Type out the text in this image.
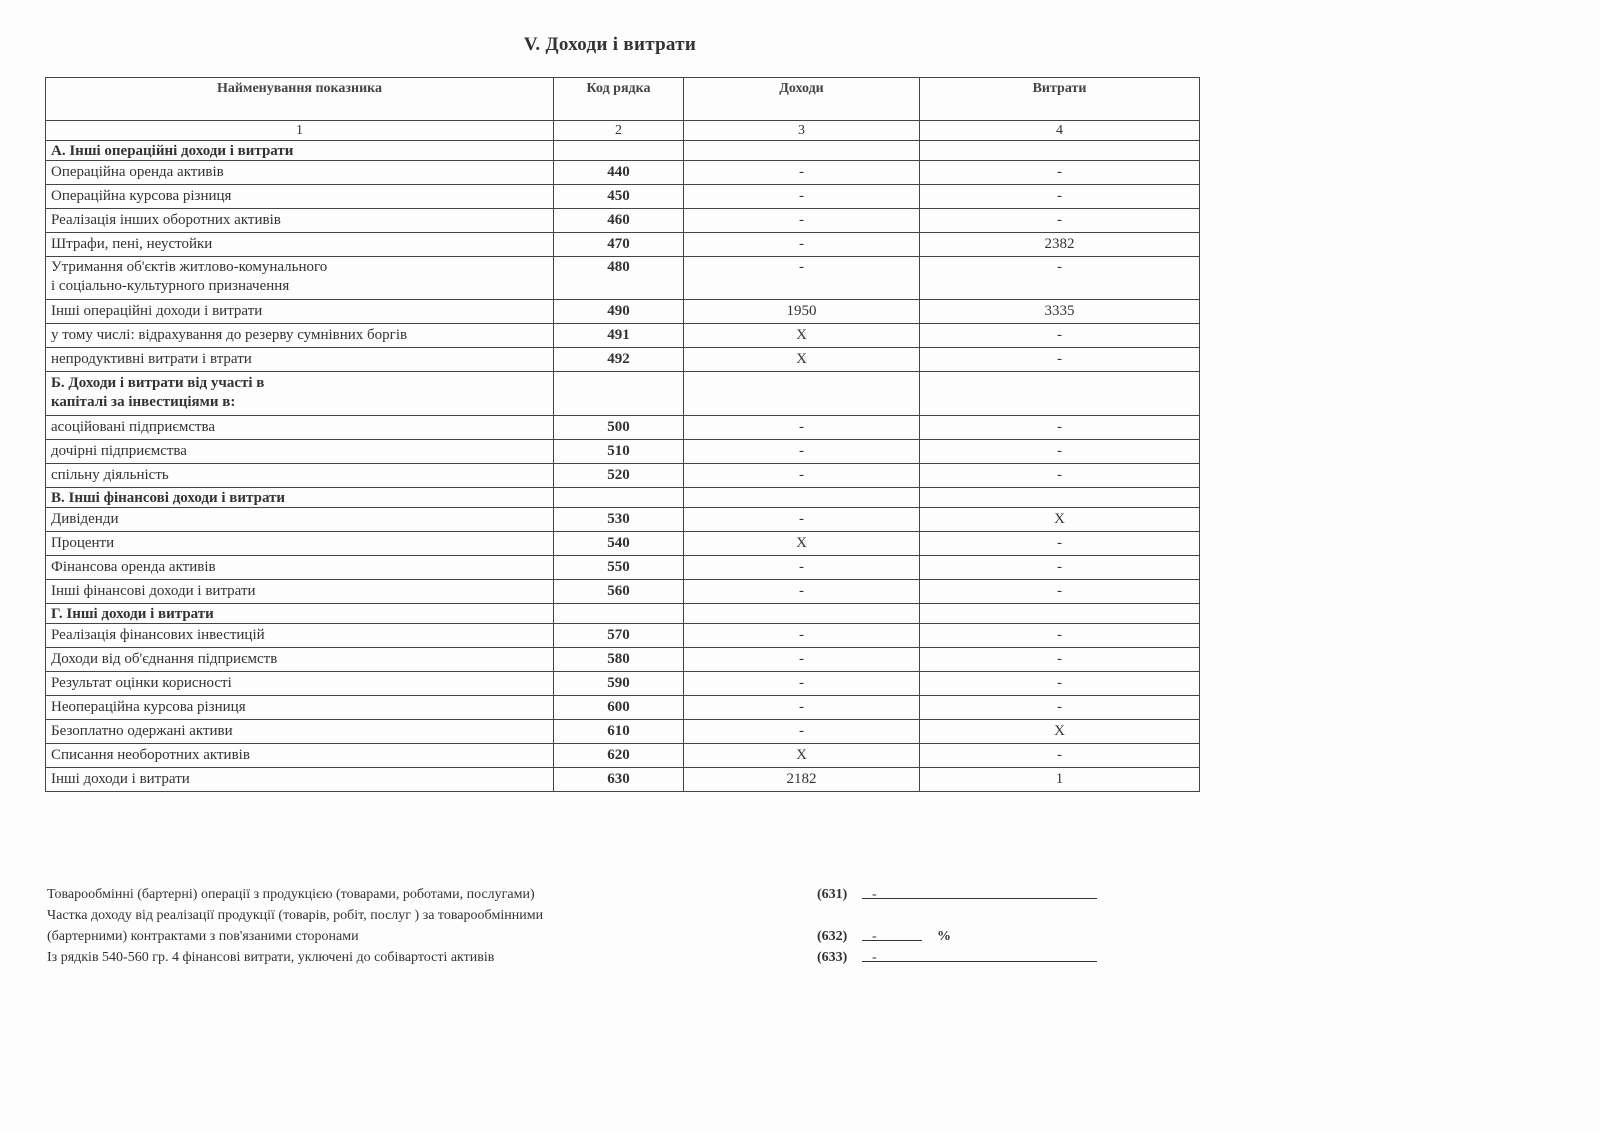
V. Доходи і витрати
Найменування показника	Код рядка	Доходи	Витрати
1	2	3	4
А. Інші операційні доходи і витрати			
Операційна оренда активів	440	-	-
Операційна курсова різниця	450	-	-
Реалізація інших оборотних активів	460	-	-
Штрафи, пені, неустойки	470	-	2382
Утримання об'єктів житлово-комунального
і соціально-культурного призначення	480	-	-
Інші операційні доходи і витрати	490	1950	3335
у тому числі: відрахування до резерву сумнівних боргів	491	X	-
непродуктивні витрати і втрати	492	X	-
Б. Доходи і витрати від участі в
капіталі за інвестиціями в:			
асоційовані підприємства	500	-	-
дочірні підприємства	510	-	-
спільну діяльність	520	-	-
В. Інші фінансові доходи і витрати			
Дивіденди	530	-	X
Проценти	540	X	-
Фінансова оренда активів	550	-	-
Інші фінансові доходи і витрати	560	-	-
Г. Інші доходи і витрати			
Реалізація фінансових інвестицій	570	-	-
Доходи від об'єднання підприємств	580	-	-
Результат оцінки корисності	590	-	-
Неопераційна курсова різниця	600	-	-
Безоплатно одержані активи	610	-	X
Списання необоротних активів	620	X	-
Інші доходи і витрати	630	2182	1
Товарообмінні (бартерні) операції з продукцією (товарами, роботами, послугами)	(631) -
Частка доходу від реалізації продукції (товарів, робіт, послуг ) за товарообмінними
(бартерними) контрактами з пов'язаними сторонами	(632) -	%
Із рядків 540-560 гр. 4 фінансові витрати, уключені до собівартості активів	(633) -
